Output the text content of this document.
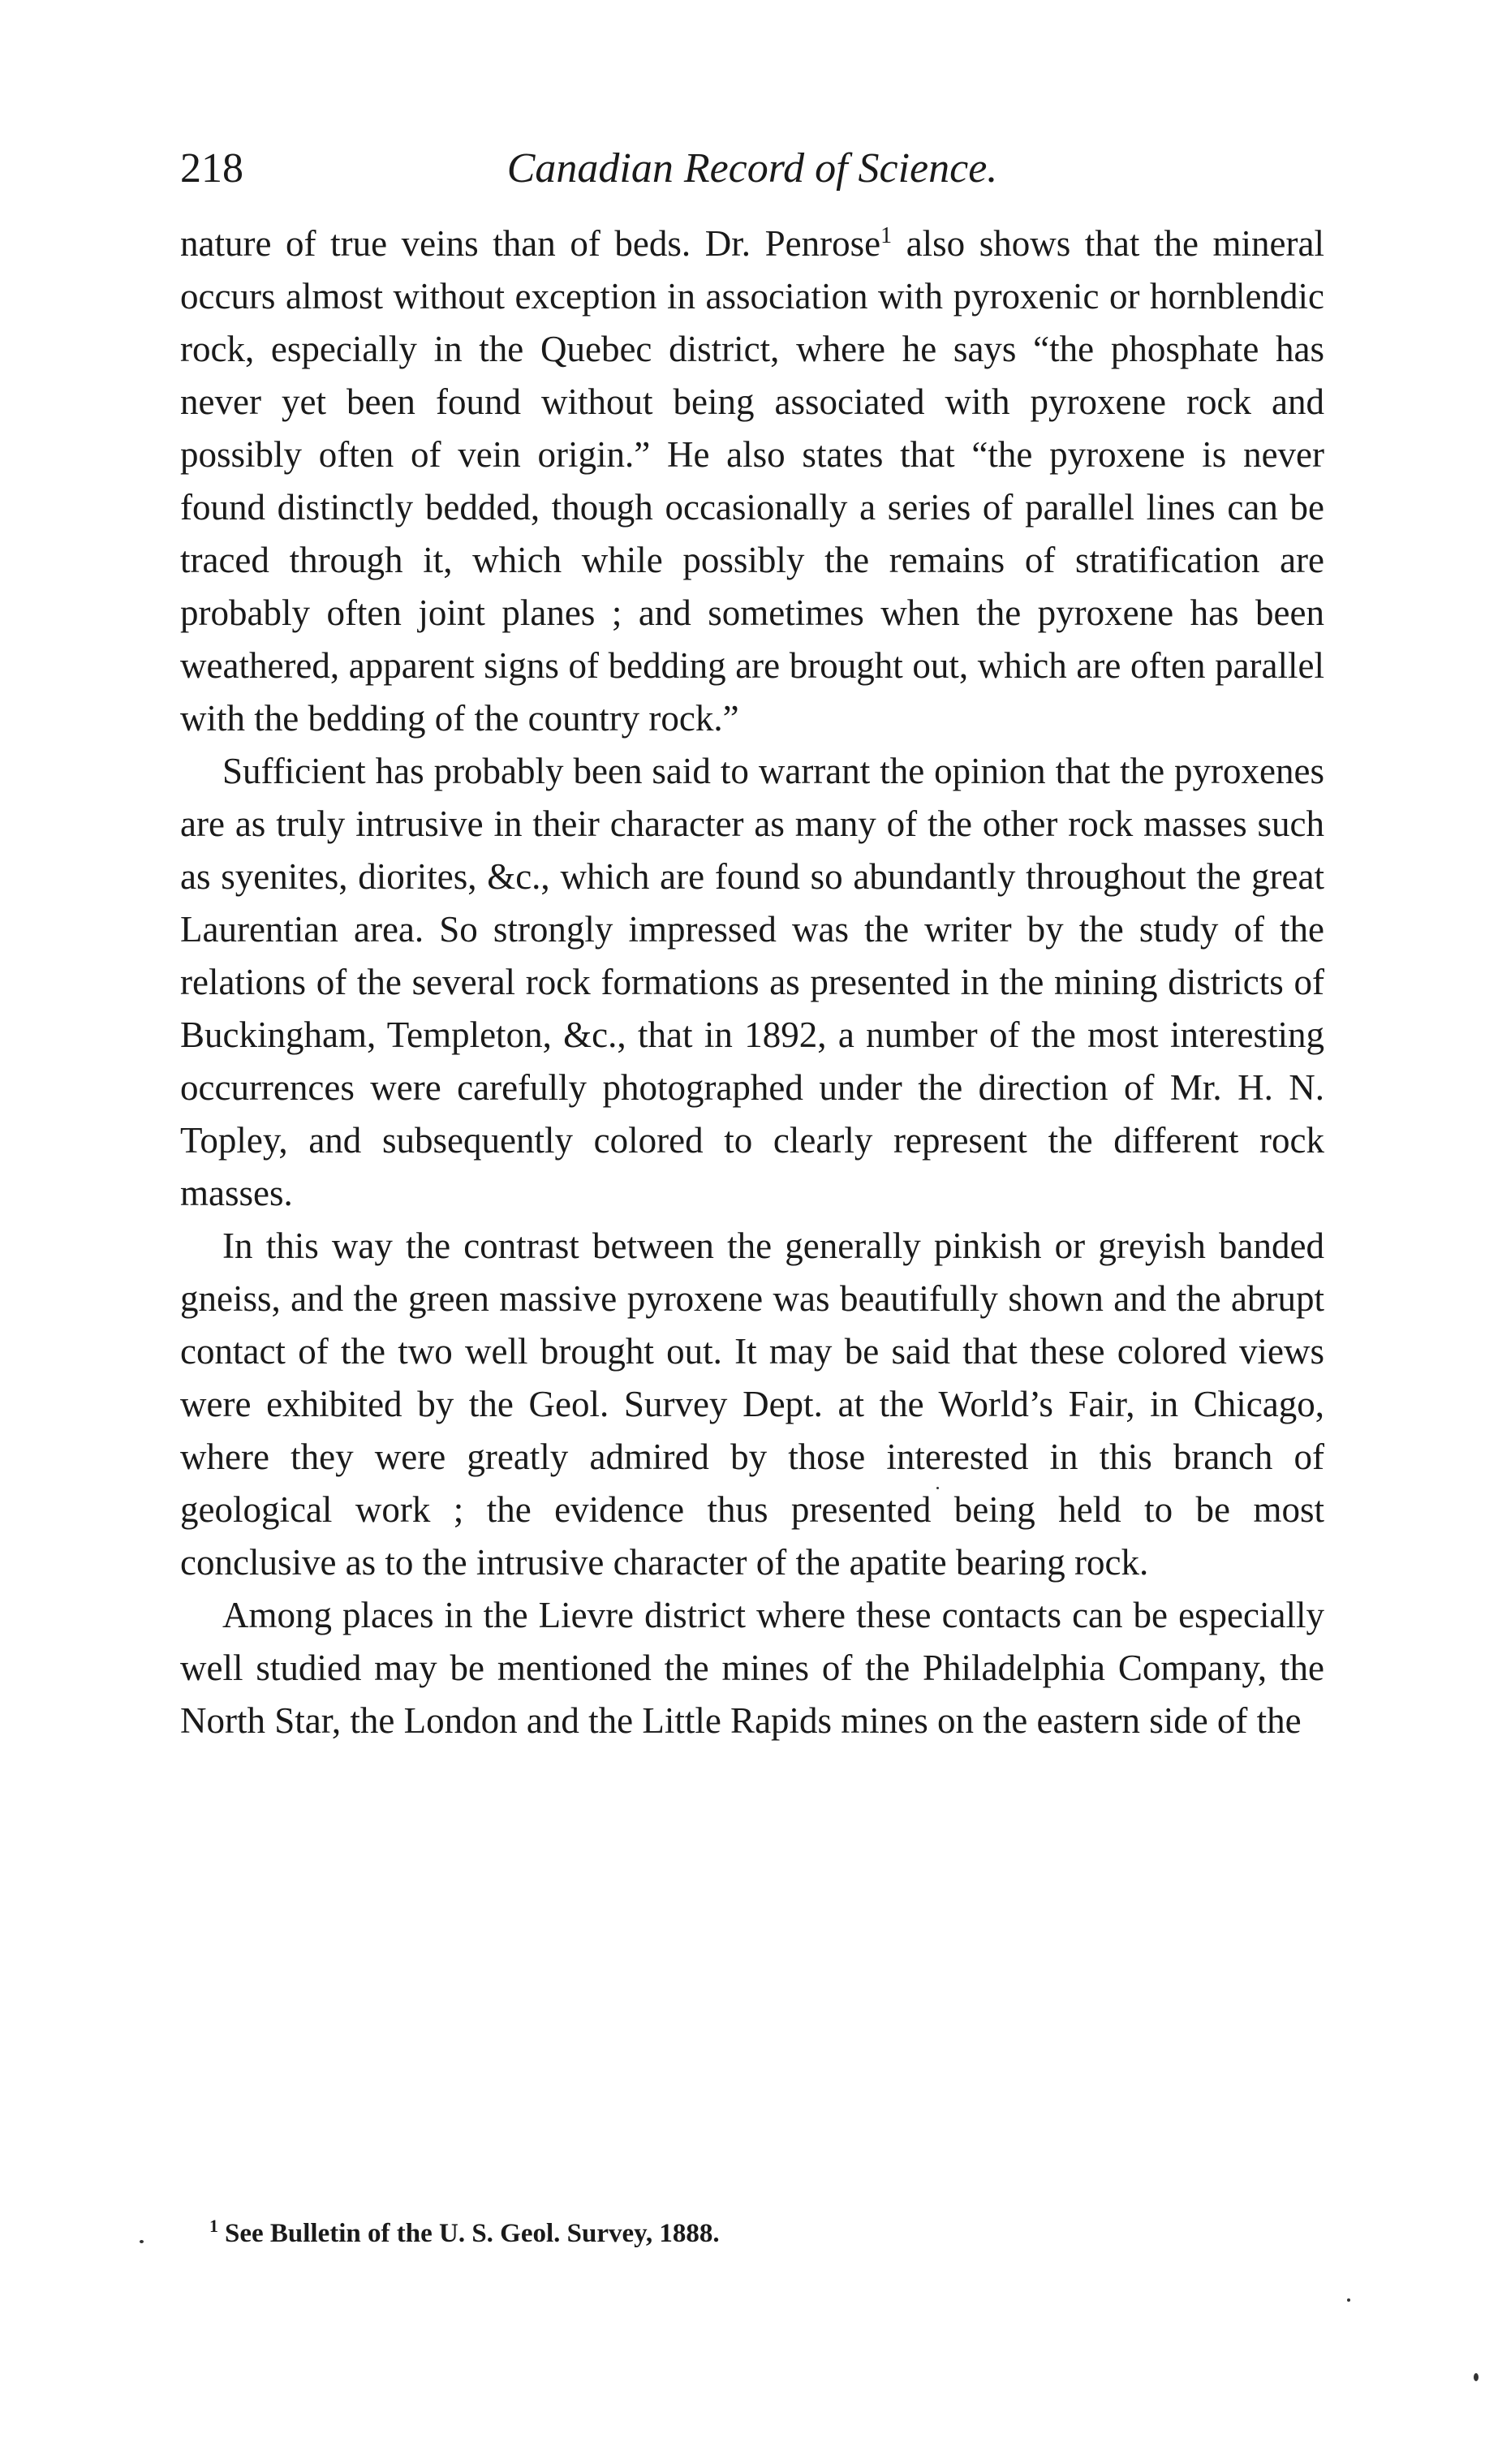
218	Canadian Record of Science.

nature of true veins than of beds. Dr. Penrose$^1$ also shows that the mineral occurs almost without exception in association with pyroxenic or hornblendic rock, especially in the Quebec district, where he says “the phosphate has never yet been found without being associated with pyroxene rock and possibly often of vein origin.” He also states that “the pyroxene is never found distinctly bedded, though occasionally a series of parallel lines can be traced through it, which while possibly the remains of stratification are probably often joint planes ; and sometimes when the pyroxene has been weathered, apparent signs of bedding are brought out, which are often parallel with the bedding of the country rock.”

Sufficient has probably been said to warrant the opinion that the pyroxenes are as truly intrusive in their character as many of the other rock masses such as syenites, diorites, &c., which are found so abundantly throughout the great Laurentian area. So strongly impressed was the writer by the study of the relations of the several rock formations as presented in the mining districts of Buckingham, Templeton, &c., that in 1892, a number of the most interesting occurrences were carefully photographed under the direction of Mr. H. N. Topley, and subsequently colored to clearly represent the different rock masses.

In this way the contrast between the generally pinkish or greyish banded gneiss, and the green massive pyroxene was beautifully shown and the abrupt contact of the two well brought out. It may be said that these colored views were exhibited by the Geol. Survey Dept. at the World’s Fair, in Chicago, where they were greatly admired by those interested in this branch of geological work ; the evidence thus presented being held to be most conclusive as to the intrusive character of the apatite bearing rock.

Among places in the Lievre district where these contacts can be especially well studied may be mentioned the mines of the Philadelphia Company, the North Star, the London and the Little Rapids mines on the eastern side of the

$^1$ See Bulletin of the U. S. Geol. Survey, 1888.
